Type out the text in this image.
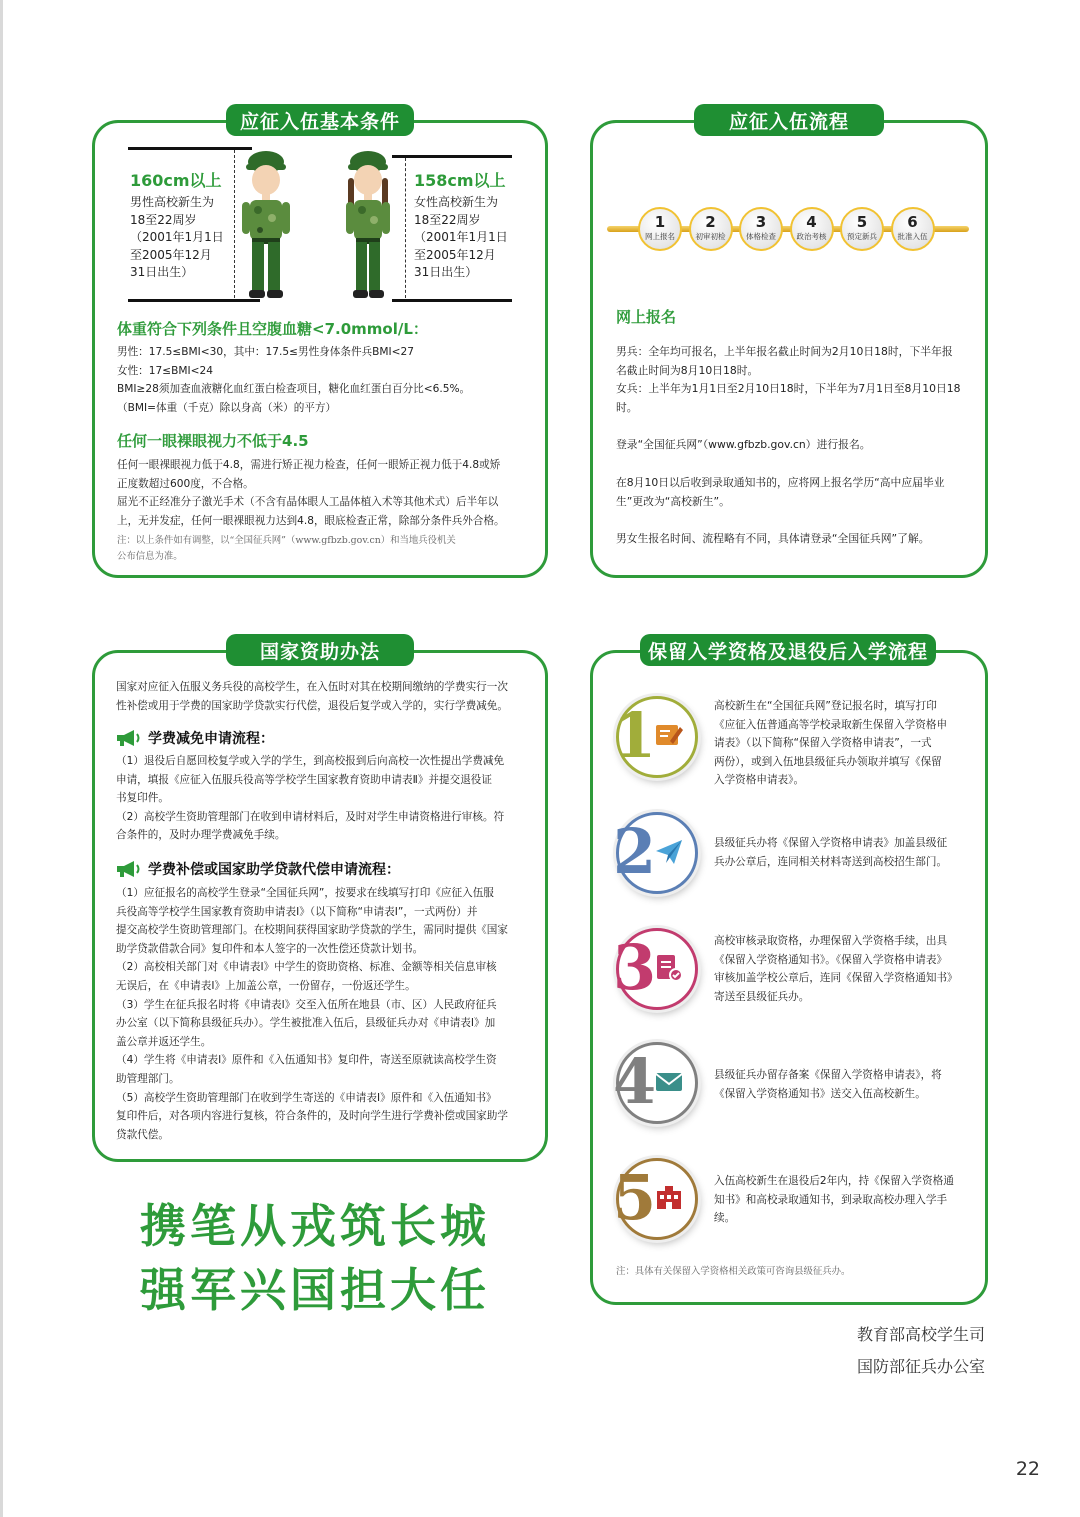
应征入伍基本条件
160cm以上

男性高校新生为

18至22周岁

（2001年1月1日

至2005年12月

31日出生）

158cm以上

女性高校新生为

18至22周岁

（2001年1月1日

至2005年12月

31日出生）

体重符合下列条件且空腹血糖<7.0mmol/L：

男性：17.5≤BMI<30，其中：17.5≤男性身体条件兵BMI<27

女性：17≤BMI<24

BMI≥28须加查血液糖化血红蛋白检查项目，糖化血红蛋白百分比<6.5%。

（BMI=体重（千克）除以身高（米）的平方）

任何一眼裸眼视力不低于4.5

任何一眼裸眼视力低于4.8，需进行矫正视力检查，任何一眼矫正视力低于4.8或矫

正度数超过600度，不合格。

屈光不正经准分子激光手术（不含有晶体眼人工晶体植入术等其他术式）后半年以

上，无并发症，任何一眼裸眼视力达到4.8，眼底检查正常，除部分条件兵外合格。

注：以上条件如有调整，以“全国征兵网”（www.gfbzb.gov.cn）和当地兵役机关

公布信息为准。

应征入伍流程
1
网上报名
2
初审初检
3
体格检查
4
政治考核
5
预定新兵
6
批准入伍
网上报名

男兵：全年均可报名，上半年报名截止时间为2月10日18时，下半年报

名截止时间为8月10日18时。

女兵：上半年为1月1日至2月10日18时，下半年为7月1日至8月10日18

时。

登录“全国征兵网”（www.gfbzb.gov.cn）进行报名。

在8月10日以后收到录取通知书的，应将网上报名学历“高中应届毕业

生”更改为“高校新生”。

男女生报名时间、流程略有不同，具体请登录“全国征兵网”了解。

国家资助办法

国家对应征入伍服义务兵役的高校学生，在入伍时对其在校期间缴纳的学费实行一次

性补偿或用于学费的国家助学贷款实行代偿，退役后复学或入学的，实行学费减免。

学费减免申请流程：

（1）退役后自愿回校复学或入学的学生，到高校报到后向高校一次性提出学费减免

申请，填报《应征入伍服兵役高等学校学生国家教育资助申请表Ⅱ》并提交退役证

书复印件。

（2）高校学生资助管理部门在收到申请材料后，及时对学生申请资格进行审核。符

合条件的，及时办理学费减免手续。

学费补偿或国家助学贷款代偿申请流程：

（1）应征报名的高校学生登录“全国征兵网”，按要求在线填写打印《应征入伍服

兵役高等学校学生国家教育资助申请表Ⅰ》（以下简称“申请表Ⅰ”，一式两份）并

提交高校学生资助管理部门。在校期间获得国家助学贷款的学生，需同时提供《国家

助学贷款借款合同》复印件和本人签字的一次性偿还贷款计划书。

（2）高校相关部门对《申请表Ⅰ》中学生的资助资格、标准、金额等相关信息审核

无误后，在《申请表Ⅰ》上加盖公章，一份留存，一份返还学生。

（3）学生在征兵报名时将《申请表Ⅰ》交至入伍所在地县（市、区）人民政府征兵

办公室（以下简称县级征兵办）。学生被批准入伍后，县级征兵办对《申请表Ⅰ》加

盖公章并返还学生。

（4）学生将《申请表Ⅰ》原件和《入伍通知书》复印件，寄送至原就读高校学生资

助管理部门。

（5）高校学生资助管理部门在收到学生寄送的《申请表Ⅰ》原件和《入伍通知书》

复印件后，对各项内容进行复核，符合条件的，及时向学生进行学费补偿或国家助学

贷款代偿。

携笔从戎筑长城
强军兴国担大任
保留入学资格及退役后入学流程
1	高校新生在“全国征兵网”登记报名时，填写打印

《应征入伍普通高等学校录取新生保留入学资格申

请表》（以下简称“保留入学资格申请表”，一式

两份），或到入伍地县级征兵办领取并填写《保留

入学资格申请表》。

2	县级征兵办将《保留入学资格申请表》加盖县级征

兵办公章后，连同相关材料寄送到高校招生部门。

3	高校审核录取资格，办理保留入学资格手续，出具

《保留入学资格通知书》。《保留入学资格申请表》

审核加盖学校公章后，连同《保留入学资格通知书》

寄送至县级征兵办。

4	县级征兵办留存备案《保留入学资格申请表》，将

《保留入学资格通知书》送交入伍高校新生。

5	入伍高校新生在退役后2年内，持《保留入学资格通

知书》和高校录取通知书，到录取高校办理入学手

续。

注：具体有关保留入学资格相关政策可咨询县级征兵办。
教育部高校学生司
国防部征兵办公室
22
